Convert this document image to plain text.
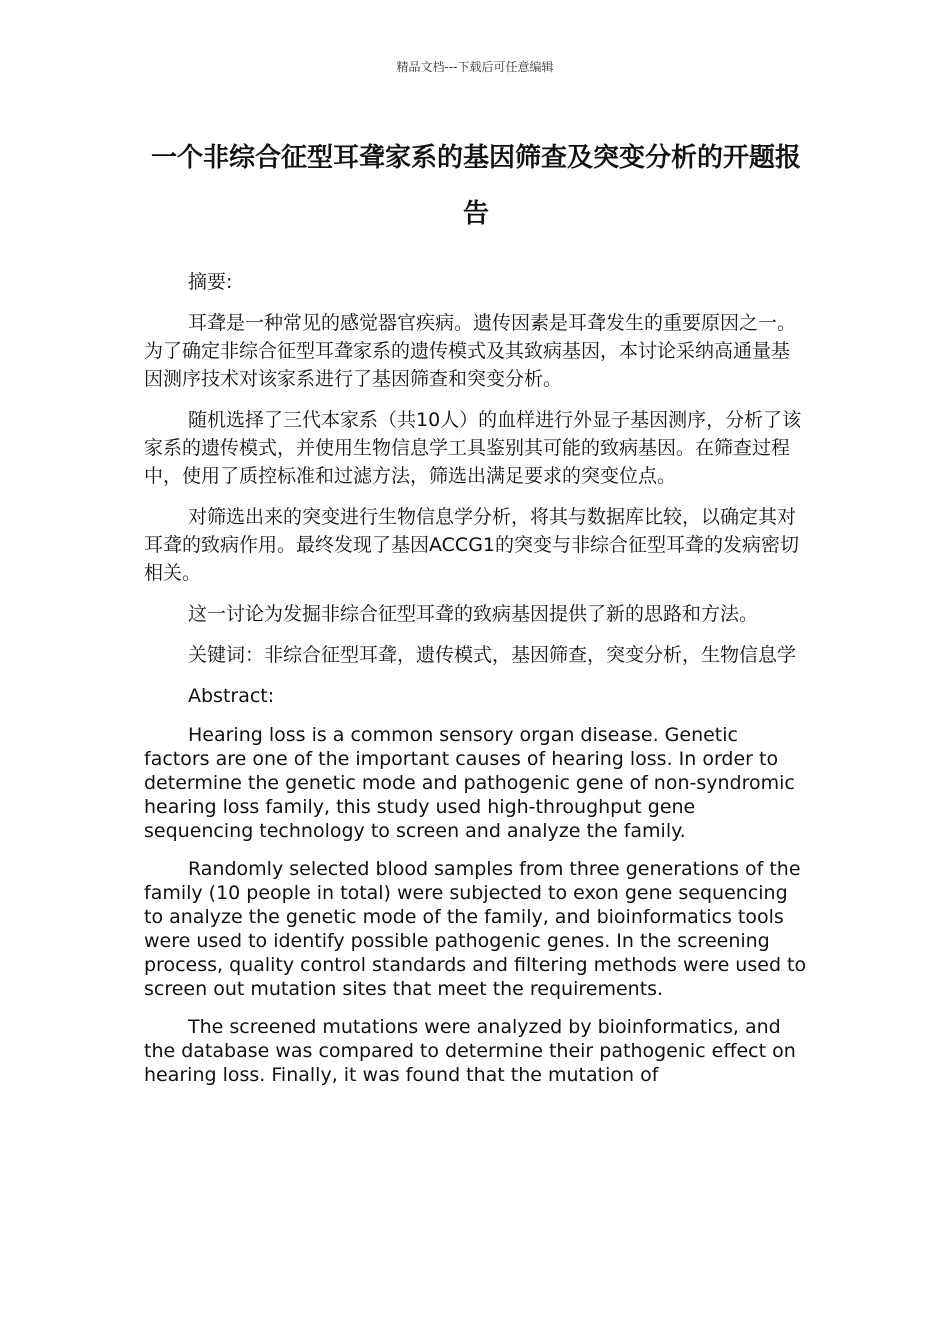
精品文档---下载后可任意编辑
一个非综合征型耳聋家系的基因筛查及突变分析的开题报告

摘要:

耳聋是一种常见的感觉器官疾病。遗传因素是耳聋发生的重要原因之一。为了确定非综合征型耳聋家系的遗传模式及其致病基因，本讨论采纳高通量基因测序技术对该家系进行了基因筛查和突变分析。

随机选择了三代本家系（共10人）的血样进行外显子基因测序，分析了该家系的遗传模式，并使用生物信息学工具鉴别其可能的致病基因。在筛查过程中，使用了质控标准和过滤方法，筛选出满足要求的突变位点。

对筛选出来的突变进行生物信息学分析，将其与数据库比较，以确定其对耳聋的致病作用。最终发现了基因ACCG1的突变与非综合征型耳聋的发病密切相关。

这一讨论为发掘非综合征型耳聋的致病基因提供了新的思路和方法。

关键词：非综合征型耳聋，遗传模式，基因筛查，突变分析，生物信息学

Abstract:

Hearing loss is a common sensory organ disease. Genetic factors are one of the important causes of hearing loss. In order to determine the genetic mode and pathogenic gene of non-syndromic hearing loss family, this study used high-throughput gene sequencing technology to screen and analyze the family.

Randomly selected blood samples from three generations of the family (10 people in total) were subjected to exon gene sequencing to analyze the genetic mode of the family, and bioinformatics tools were used to identify possible pathogenic genes. In the screening process, quality control standards and filtering methods were used to screen out mutation sites that meet the requirements.

The screened mutations were analyzed by bioinformatics, and the database was compared to determine their pathogenic effect on hearing loss. Finally, it was found that the mutation of
